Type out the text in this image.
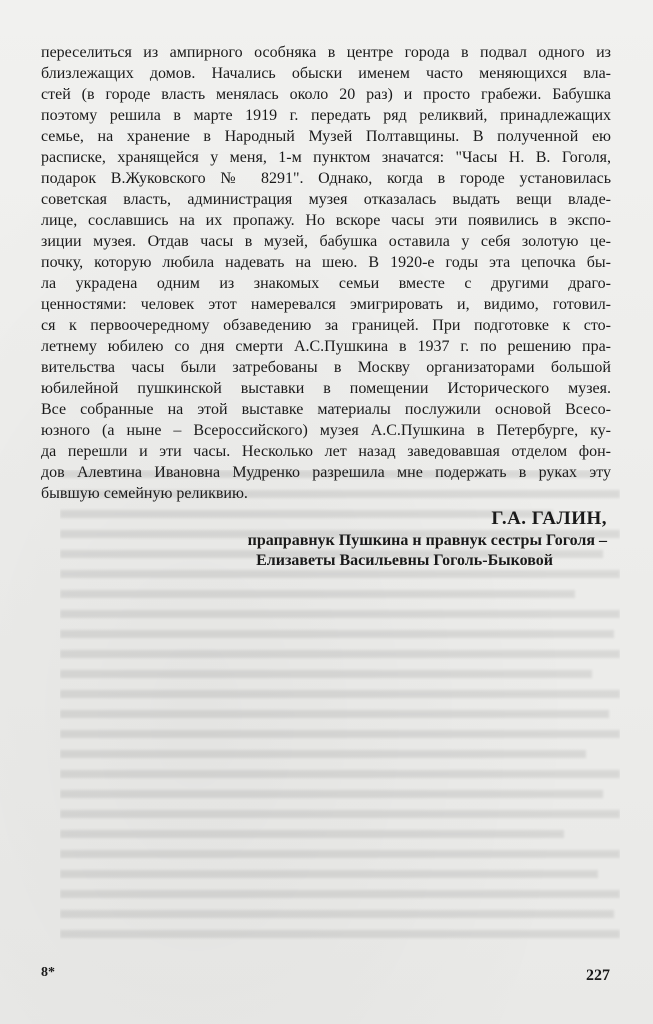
переселиться из ампирного особняка в центре города в подвал одного из
близлежащих домов. Начались обыски именем часто меняющихся вла-
стей (в городе власть менялась около 20 раз) и просто грабежи. Бабушка
поэтому решила в марте 1919 г. передать ряд реликвий, принадлежащих
семье, на хранение в Народный Музей Полтавщины. В полученной ею
расписке, хранящейся у меня, 1-м пунктом значатся: "Часы Н. В. Гоголя,
подарок В.Жуковского № 8291". Однако, когда в городе установилась
советская власть, администрация музея отказалась выдать вещи владе-
лице, сославшись на их пропажу. Но вскоре часы эти появились в экспо-
зиции музея. Отдав часы в музей, бабушка оставила у себя золотую це-
почку, которую любила надевать на шею. В 1920-е годы эта цепочка бы-
ла украдена одним из знакомых семьи вместе с другими драго-
ценностями: человек этот намеревался эмигрировать и, видимо, готовил-
ся к первоочередному обзаведению за границей. При подготовке к сто-
летнему юбилею со дня смерти А.С.Пушкина в 1937 г. по решению пра-
вительства часы были затребованы в Москву организаторами большой
юбилейной пушкинской выставки в помещении Исторического музея.
Все собранные на этой выставке материалы послужили основой Всесо-
юзного (а ныне – Всероссийского) музея А.С.Пушкина в Петербурге, ку-
да перешли и эти часы. Несколько лет назад заведовавшая отделом фон-
дов Алевтина Ивановна Мудренко разрешила мне подержать в руках эту
бывшую семейную реликвию.
Г.А. ГАЛИН,
праправнук Пушкина н правнук сестры Гоголя –
Елизаветы Васильевны Гоголь-Быковой
8*	227
